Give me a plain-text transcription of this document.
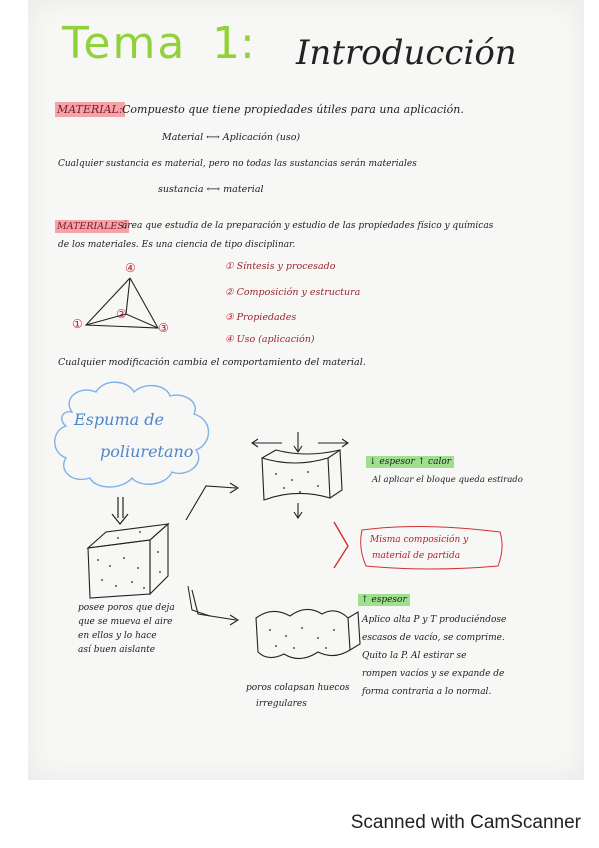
Tema 1: Introducción
MATERIAL: Compuesto que tiene propiedades útiles para una aplicación.
Material ⟷ Aplicación (uso)
Cualquier sustancia es material, pero no todas las sustancias serán materiales
sustancia ⟷ material
MATERIALES:
área que estudia de la preparación y estudio de las propiedades físico y químicas
de los materiales. Es una ciencia de tipo disciplinar.
④
②
①	③
① Síntesis y procesado
② Composición y estructura
③ Propiedades
④ Uso (aplicación)
Cualquier modificación cambia el comportamiento del material.
Espuma de
poliuretano
posee poros que deja
que se mueva el aire
en ellos y lo hace
así buen aislante
↓ espesor ↑ calor
Al aplicar el bloque queda estirado
Misma composición y
material de partida
↑ espesor
Aplico alta P y T produciéndose
escasos de vacío, se comprime.
Quito la P. Al estirar se
rompen vacíos y se expande de
forma contraria a lo normal.
poros colapsan huecos
irregulares
Scanned with CamScanner
